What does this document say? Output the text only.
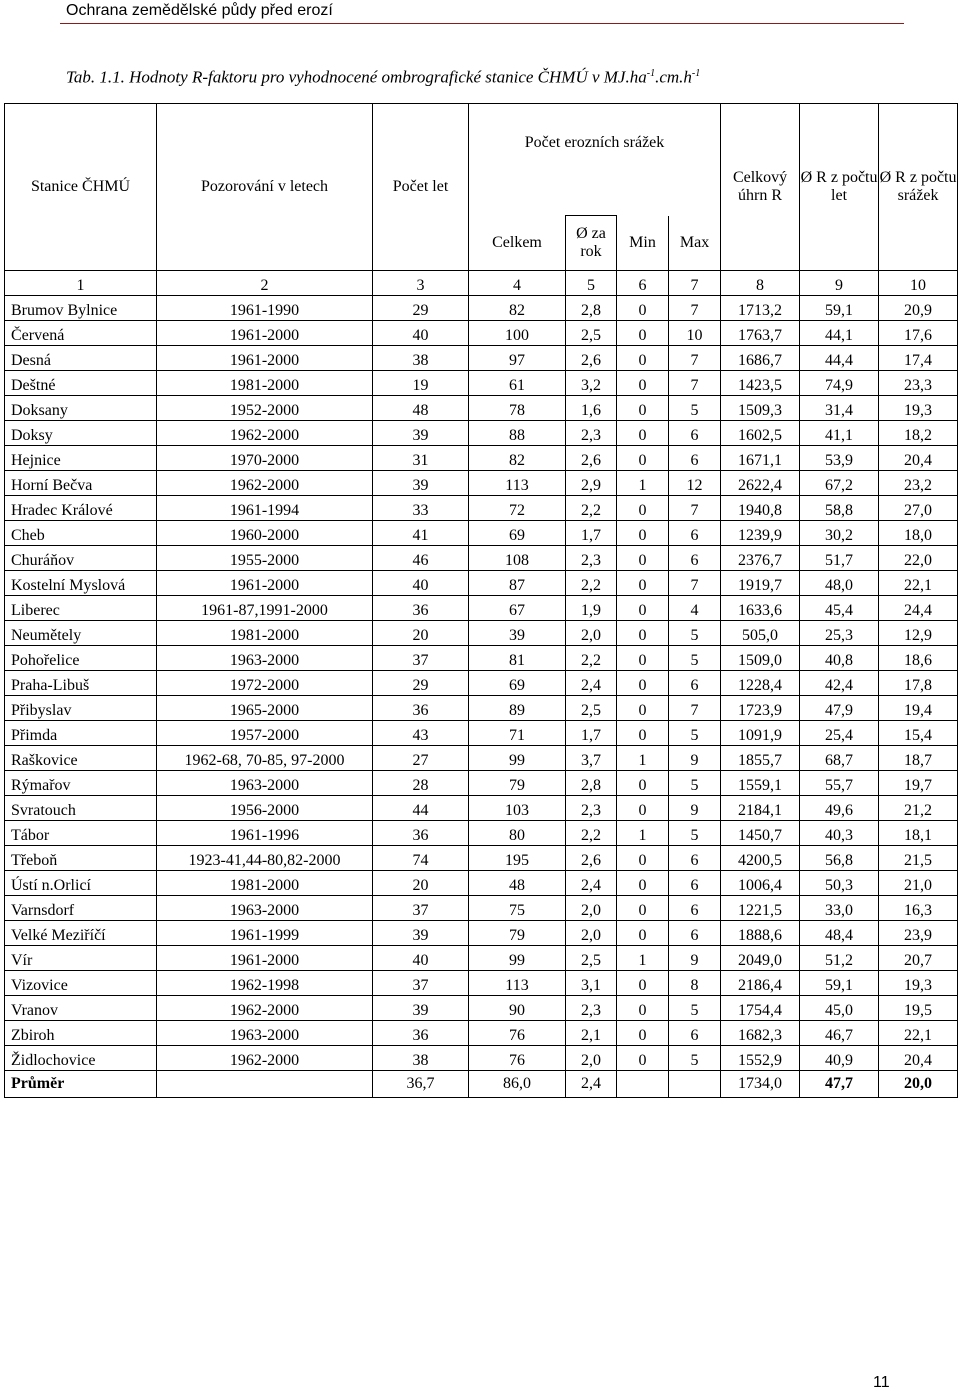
Ochrana zemědělské půdy před erozí
Tab. 1.1. Hodnoty R-faktoru pro vyhodnocené ombrografické stanice ČHMÚ v $MJ.ha^{-1}.cm.h^{-1}$
Stanice ČHMÚ	Pozorování v letech	Počet let	Počet erozních srážek				Celkový úhrn R	Ø R z počtu let	Ø R z počtu srážek
			Celkem	Ø za rok	Min	Max			
1	2	3	4	5	6	7	8	9	10
Brumov Bylnice	1961-1990	29	82	2,8	0	7	1713,2	59,1	20,9
Červená	1961-2000	40	100	2,5	0	10	1763,7	44,1	17,6
Desná	1961-2000	38	97	2,6	0	7	1686,7	44,4	17,4
Deštné	1981-2000	19	61	3,2	0	7	1423,5	74,9	23,3
Doksany	1952-2000	48	78	1,6	0	5	1509,3	31,4	19,3
Doksy	1962-2000	39	88	2,3	0	6	1602,5	41,1	18,2
Hejnice	1970-2000	31	82	2,6	0	6	1671,1	53,9	20,4
Horní Bečva	1962-2000	39	113	2,9	1	12	2622,4	67,2	23,2
Hradec Králové	1961-1994	33	72	2,2	0	7	1940,8	58,8	27,0
Cheb	1960-2000	41	69	1,7	0	6	1239,9	30,2	18,0
Churáňov	1955-2000	46	108	2,3	0	6	2376,7	51,7	22,0
Kostelní Myslová	1961-2000	40	87	2,2	0	7	1919,7	48,0	22,1
Liberec	1961-87,1991-2000	36	67	1,9	0	4	1633,6	45,4	24,4
Neumětely	1981-2000	20	39	2,0	0	5	505,0	25,3	12,9
Pohořelice	1963-2000	37	81	2,2	0	5	1509,0	40,8	18,6
Praha-Libuš	1972-2000	29	69	2,4	0	6	1228,4	42,4	17,8
Přibyslav	1965-2000	36	89	2,5	0	7	1723,9	47,9	19,4
Přimda	1957-2000	43	71	1,7	0	5	1091,9	25,4	15,4
Raškovice	1962-68, 70-85, 97-2000	27	99	3,7	1	9	1855,7	68,7	18,7
Rýmařov	1963-2000	28	79	2,8	0	5	1559,1	55,7	19,7
Svratouch	1956-2000	44	103	2,3	0	9	2184,1	49,6	21,2
Tábor	1961-1996	36	80	2,2	1	5	1450,7	40,3	18,1
Třeboň	1923-41,44-80,82-2000	74	195	2,6	0	6	4200,5	56,8	21,5
Ústí n.Orlicí	1981-2000	20	48	2,4	0	6	1006,4	50,3	21,0
Varnsdorf	1963-2000	37	75	2,0	0	6	1221,5	33,0	16,3
Velké Meziříčí	1961-1999	39	79	2,0	0	6	1888,6	48,4	23,9
Vír	1961-2000	40	99	2,5	1	9	2049,0	51,2	20,7
Vizovice	1962-1998	37	113	3,1	0	8	2186,4	59,1	19,3
Vranov	1962-2000	39	90	2,3	0	5	1754,4	45,0	19,5
Zbiroh	1963-2000	36	76	2,1	0	6	1682,3	46,7	22,1
Židlochovice	1962-2000	38	76	2,0	0	5	1552,9	40,9	20,4
Průměr		36,7	86,0	2,4			1734,0	47,7	20,0
11
